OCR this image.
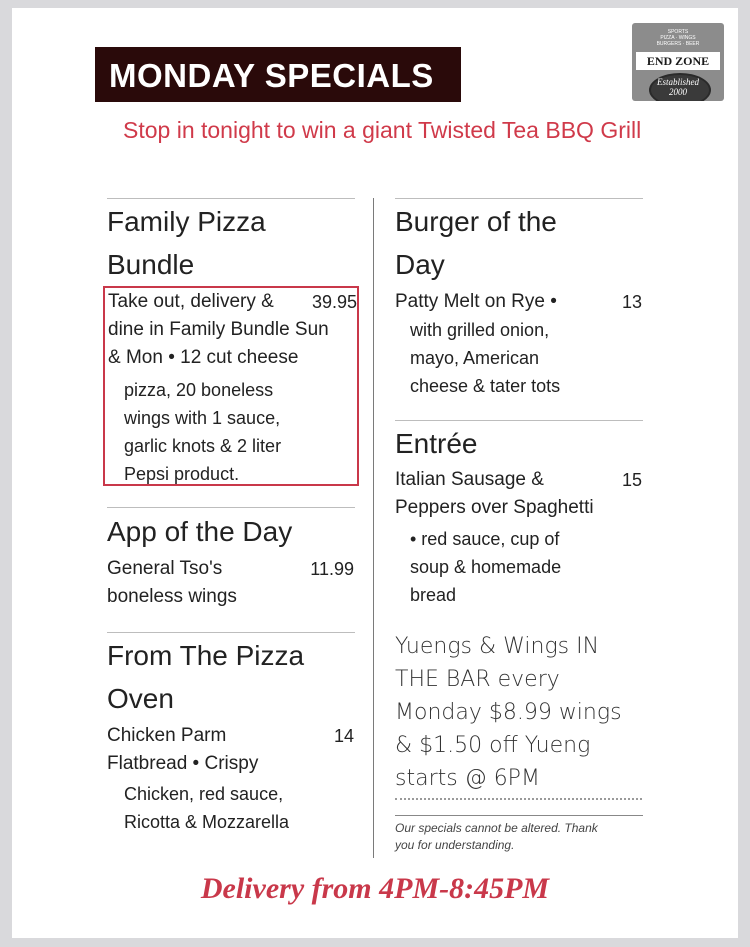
MONDAY SPECIALS
SPORTS
PIZZA · WINGS
BURGERS · BEER
END ZONE
Established
2000
Stop in tonight to win a giant Twisted Tea BBQ Grill
Family Pizza
Bundle
Take out, delivery &
dine in Family Bundle Sun
& Mon • 12 cut cheese
39.95
pizza, 20 boneless
wings with 1 sauce,
garlic knots & 2 liter
Pepsi product.
App of the Day
General Tso's
boneless wings
11.99
From The Pizza
Oven
Chicken Parm
Flatbread • Crispy
14
Chicken, red sauce,
Ricotta & Mozzarella
Burger of the
Day
Patty Melt on Rye •	13
with grilled onion,
mayo, American
cheese & tater tots
Entrée
Italian Sausage &
Peppers over Spaghetti
15
• red sauce, cup of
soup & homemade
bread
Yuengs & Wings IN
THE BAR every
Monday $8.99 wings
& $1.50 off Yueng
starts @ 6PM
Our specials cannot be altered. Thank
you for understanding.
Delivery from 4PM-8:45PM
